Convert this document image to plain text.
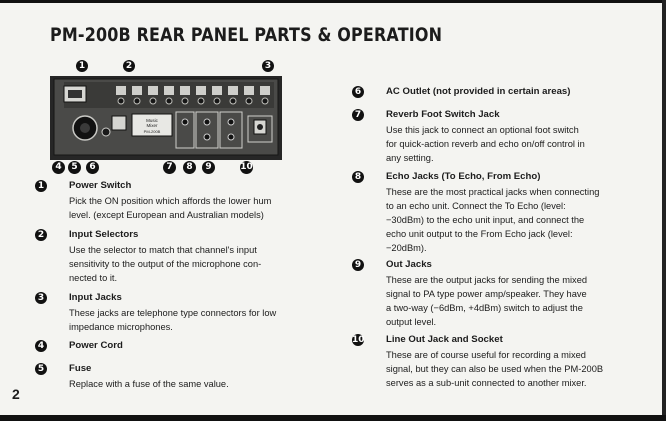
PM-200B REAR PANEL PARTS & OPERATION
1	2	3
Music
Mixer
PM-200B
4	5	6	7	8	9	10
1	Power Switch
Pick the ON position which affords the lower hum
level. (except European and Australian models)
2	Input Selectors
Use the selector to match that channel's input
sensitivity to the output of the microphone con-
nected to it.
3	Input Jacks
These jacks are telephone type connectors for low
impedance microphones.
4	Power Cord
5	Fuse
Replace with a fuse of the same value.
6	AC Outlet (not provided in certain areas)
7	Reverb Foot Switch Jack
Use this jack to connect an optional foot switch
for quick-action reverb and echo on/off control in
any setting.
8	Echo Jacks (To Echo, From Echo)
These are the most practical jacks when connecting
to an echo unit. Connect the To Echo (level:
−30dBm) to the echo unit input, and connect the
echo unit output to the From Echo jack (level:
−20dBm).
9	Out Jacks
These are the output jacks for sending the mixed
signal to PA type power amp/speaker. They have
a two-way (−6dBm, +4dBm) switch to adjust the
output level.
10 Line Out Jack and Socket
These are of course useful for recording a mixed
signal, but they can also be used when the PM-200B
serves as a sub-unit connected to another mixer.
2
